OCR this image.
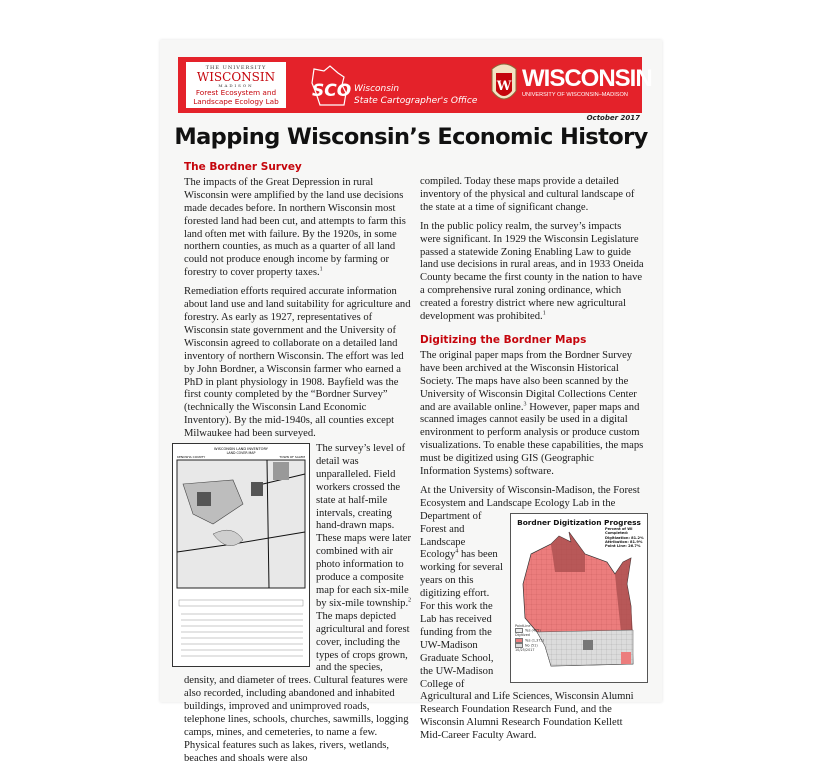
THE UNIVERSITY
WISCONSIN
MADISON
Forest Ecosystem and
Landscape Ecology Lab
SCO Wisconsin
State Cartographer's Office
W WISCONSIN
UNIVERSITY OF WISCONSIN–MADISON
October 2017
Mapping Wisconsin’s Economic History
The Bordner Survey

The impacts of the Great Depression in rural Wisconsin were amplified by the land use decisions made decades before. In northern Wisconsin most forested land had been cut, and attempts to farm this land often met with failure. By the 1920s, in some northern counties, as much as a quarter of all land could not produce enough income by farming or forestry to cover property taxes.$^1$

Remediation efforts required accurate information about land use and land suitability for agriculture and forestry. As early as 1927, representatives of Wisconsin state government and the University of Wisconsin agreed to collaborate on a detailed land inventory of northern Wisconsin. The effort was led by John Bordner, a Wisconsin farmer who earned a PhD in plant physiology in 1908. Bayfield was the first county completed by the “Bordner Survey” (technically the Wisconsin Land Economic Inventory). By the mid-1940s, all counties except Milwaukee had been surveyed.

WISCONSIN LAND INVENTORY
LAND COVER MAP
KENOSHA COUNTY	TOWN OF SALEM

The survey’s level of detail was unparalleled. Field workers crossed the state at half-mile intervals, creating hand-drawn maps. These maps were later combined with air photo information to produce a composite map for each six-mile by six-mile township.$^2$ The maps depicted agricultural and forest cover, including the types of crops grown, and the species, density, and diameter of trees. Cultural features were also recorded, including abandoned and inhabited buildings, improved and unimproved roads, telephone lines, schools, churches, sawmills, logging camps, mines, and cemeteries, to name a few. Physical features such as lakes, rivers, wetlands, beaches and shoals were also

compiled. Today these maps provide a detailed inventory of the physical and cultural landscape of the state at a time of significant change.

In the public policy realm, the survey’s impacts were significant. In 1929 the Wisconsin Legislature passed a statewide Zoning Enabling Law to guide land use decisions in rural areas, and in 1933 Oneida County became the first county in the nation to have a comprehensive rural zoning ordinance, which created a forestry district where new agricultural development was prohibited.$^1$

Digitizing the Bordner Maps

The original paper maps from the Bordner Survey have been archived at the Wisconsin Historical Society. The maps have also been scanned by the University of Wisconsin Digital Collections Center and are available online.$^3$ However, paper maps and scanned images cannot easily be used in a digital environment to perform analysis or produce custom visualizations. To enable these capabilities, the maps must be digitized using GIS (Geographic Information Systems) software.

At the University of Wisconsin-Madison, the Forest Ecosystem and Landscape Ecology Lab in the
Bordner Digitization Progress
Percent of WI Completed:
Digitization: 81.2%
Attribution: 81.9%
Point Line: 26.7%
PointLine
Yes (455)
Digitized
Yes (1,375)
No (51)
10/25/2017
Department of Forest and Landscape Ecology$^4$ has been working for several years on this digitizing effort. For this work the Lab has received funding from the UW-Madison Graduate School, the UW-Madison College of Agricultural and Life Sciences, Wisconsin Alumni Research Foundation Research Fund, and the Wisconsin Alumni Research Foundation Kellett Mid-Career Faculty Award.
